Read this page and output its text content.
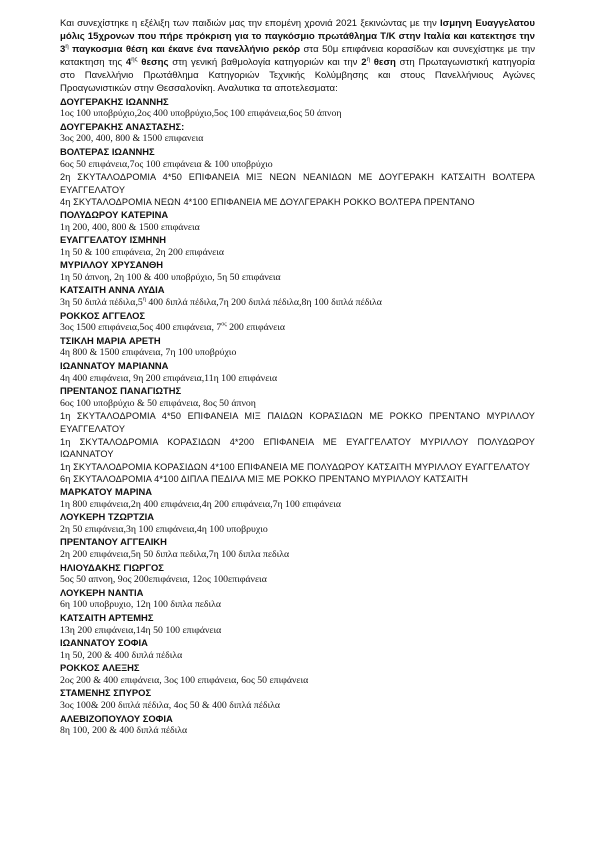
Και συνεχίστηκε η εξέλιξη των παιδιών μας την επομένη χρονιά 2021 ξεκινώντας με την Ισμηνη Ευαγγελατου μόλις 15χρονων που πήρε πρόκριση για το παγκόσμιο πρωτάθλημα Τ/Κ στην Ιταλία και κατεκτησε την $3^\eta$ παγκοσμια θέση και έκανε ένα πανελλήνιο ρεκόρ στα 50μ επιφάνεια κορασίδων και συνεχίστηκε με την κατακτηση της $4^{\eta\varsigma}$ θεσης στη γενική βαθμολογία κατηγοριών και την $2^\eta$ θεση στη Πρωταγωνιστική κατηγορία στο Πανελλήνιο Πρωτάθλημα Κατηγοριών Τεχνικής Κολύμβησης και στους Πανελλήνιους Αγώνες Προαγωνιστικών στην Θεσσαλονίκη. Αναλυτικα τα αποτελεσματα:

ΔΟΥΓΕΡΑΚΗΣ ΙΩΑΝΝΗΣ

1ος 100 υποβρύχιο,2ος 400 υποβρύχιο,5ος 100 επιφάνεια,6ος 50 άπνοη

ΔΟΥΓΕΡΑΚΗΣ ΑΝΑΣΤΑΣΗΣ:

3ος 200, 400, 800 & 1500 επιφανεια

ΒΟΛΤΕΡΑΣ ΙΩΑΝΝΗΣ

6ος 50 επιφάνεια,7ος 100 επιφάνεια & 100 υποβρύχιο

2η ΣΚΥΤΑΛΟΔΡΟΜΙΑ 4*50 ΕΠΙΦΑΝΕΙΑ ΜΙΞ ΝΕΩΝ ΝΕΑΝΙΔΩΝ ΜΕ ΔΟΥΓΕΡΑΚΗ ΚΑΤΣΑΙΤΗ ΒΟΛΤΕΡΑ ΕΥΑΓΓΕΛΑΤΟΥ

4η ΣΚΥΤΑΛΟΔΡΟΜΙΑ ΝΕΩΝ 4*100 ΕΠΙΦΑΝΕΙΑ ΜΕ ΔΟΥΛΓΕΡΑΚΗ ΡΟΚΚΟ ΒΟΛΤΕΡΑ ΠΡΕΝΤΑΝΟ

ΠΟΛΥΔΩΡΟΥ ΚΑΤΕΡΙΝΑ

1η 200, 400, 800 & 1500 επιφάνεια

ΕΥΑΓΓΕΛΑΤΟΥ ΙΣΜΗΝΗ

1η 50 & 100 επιφάνεια, 2η 200 επιφάνεια

ΜΥΡΙΛΛΟΥ ΧΡΥΣΑΝΘΗ

1η 50 άπνοη, 2η 100 & 400 υποβρύχιο, 5η 50 επιφάνεια

ΚΑΤΣΑΙΤΗ ΑΝΝΑ ΛΥΔΙΑ

3η 50 διπλά $\pi έ\delta\iota\lambda\alpha,5^\eta$ 400 διπλά πέδιλα,7η 200 διπλά πέδιλα,8η 100 διπλά πέδιλα

ΡΟΚΚΟΣ ΑΓΓΕΛΟΣ

3ος 1500 επιφάνεια,5ος 400 επιφάνεια, $7^{o\varsigma}$ 200 επιφάνεια

ΤΣΙΚΛΗ ΜΑΡΙΑ ΑΡΕΤΗ

4η 800 & 1500 επιφάνεια, 7η 100 υποβρύχιο

ΙΩΑΝΝΑΤΟΥ ΜΑΡΙΑΝΝΑ

4η 400 επιφάνεια, 9η 200 επιφάνεια,11η 100 επιφάνεια

ΠΡΕΝΤΑΝΟΣ ΠΑΝΑΓΙΩΤΗΣ

6ος 100 υποβρύχιο & 50 επιφάνεια, 8ος 50 άπνοη

1η ΣΚΥΤΑΛΟΔΡΟΜΙΑ 4*50 ΕΠΙΦΑΝΕΙΑ ΜΙΞ ΠΑΙΔΩΝ ΚΟΡΑΣΙΔΩΝ ΜΕ ΡΟΚΚΟ ΠΡΕΝΤΑΝΟ ΜΥΡΙΛΛΟΥ ΕΥΑΓΓΕΛΑΤΟΥ

1η ΣΚΥΤΑΛΟΔΡΟΜΙΑ ΚΟΡΑΣΙΔΩΝ 4*200 ΕΠΙΦΑΝΕΙΑ ΜΕ ΕΥΑΓΓΕΛΑΤΟΥ ΜΥΡΙΛΛΟΥ ΠΟΛΥΔΩΡΟΥ ΙΩΑΝΝΑΤΟΥ

1η ΣΚΥΤΑΛΟΔΡΟΜΙΑ ΚΟΡΑΣΙΔΩΝ 4*100 ΕΠΙΦΑΝΕΙΑ ΜΕ ΠΟΛΥΔΩΡΟΥ ΚΑΤΣΑΙΤΗ ΜΥΡΙΛΛΟΥ ΕΥΑΓΓΕΛΑΤΟΥ

6η ΣΚΥΤΑΛΟΔΡΟΜΙΑ 4*100 ΔΙΠΛΑ ΠΕΔΙΛΑ ΜΙΞ ΜΕ ΡΟΚΚΟ ΠΡΕΝΤΑΝΟ ΜΥΡΙΛΛΟΥ ΚΑΤΣΑΙΤΗ

ΜΑΡΚΑΤΟΥ ΜΑΡΙΝΑ

1η 800 επιφάνεια,2η 400 επιφάνεια,4η 200 επιφάνεια,7η 100 επιφάνεια

ΛΟΥΚΕΡΗ ΤΖΩΡΤΖΙΑ

2η 50 επιφάνεια,3η 100 επιφάνεια,4η 100 υποβρυχιο

ΠΡΕΝΤΑΝΟΥ ΑΓΓΕΛΙΚΗ

2η 200 επιφάνεια,5η 50 διπλα πεδιλα,7η 100 διπλα πεδιλα

ΗΛΙΟΥΔΑΚΗΣ ΓΙΩΡΓΟΣ

5ος 50 απνοη, 9ος 200επιφάνεια, 12ος 100επιφάνεια

ΛΟΥΚΕΡΗ ΝΑΝΤΙΑ

6η 100 υποβρυχιο, 12η 100 διπλα πεδιλα

ΚΑΤΣΑΙΤΗ ΑΡΤΕΜΗΣ

13η 200 επιφάνεια,14η 50 100 επιφάνεια

ΙΩΑΝΝΑΤΟΥ ΣΟΦΙΑ

1η 50, 200 & 400 διπλά πέδιλα

ΡΟΚΚΟΣ ΑΛΕΞΗΣ

2ος 200 & 400 επιφάνεια, 3ος 100 επιφάνεια, 6ος 50 επιφάνεια

ΣΤΑΜΕΝΗΣ ΣΠΥΡΟΣ

3ος 100& 200 διπλά πέδιλα, 4ος 50 & 400 διπλά πέδιλα

ΑΛΕΒΙΖΟΠΟΥΛΟΥ ΣΟΦΙΑ

8η 100, 200 & 400 διπλά πέδιλα
